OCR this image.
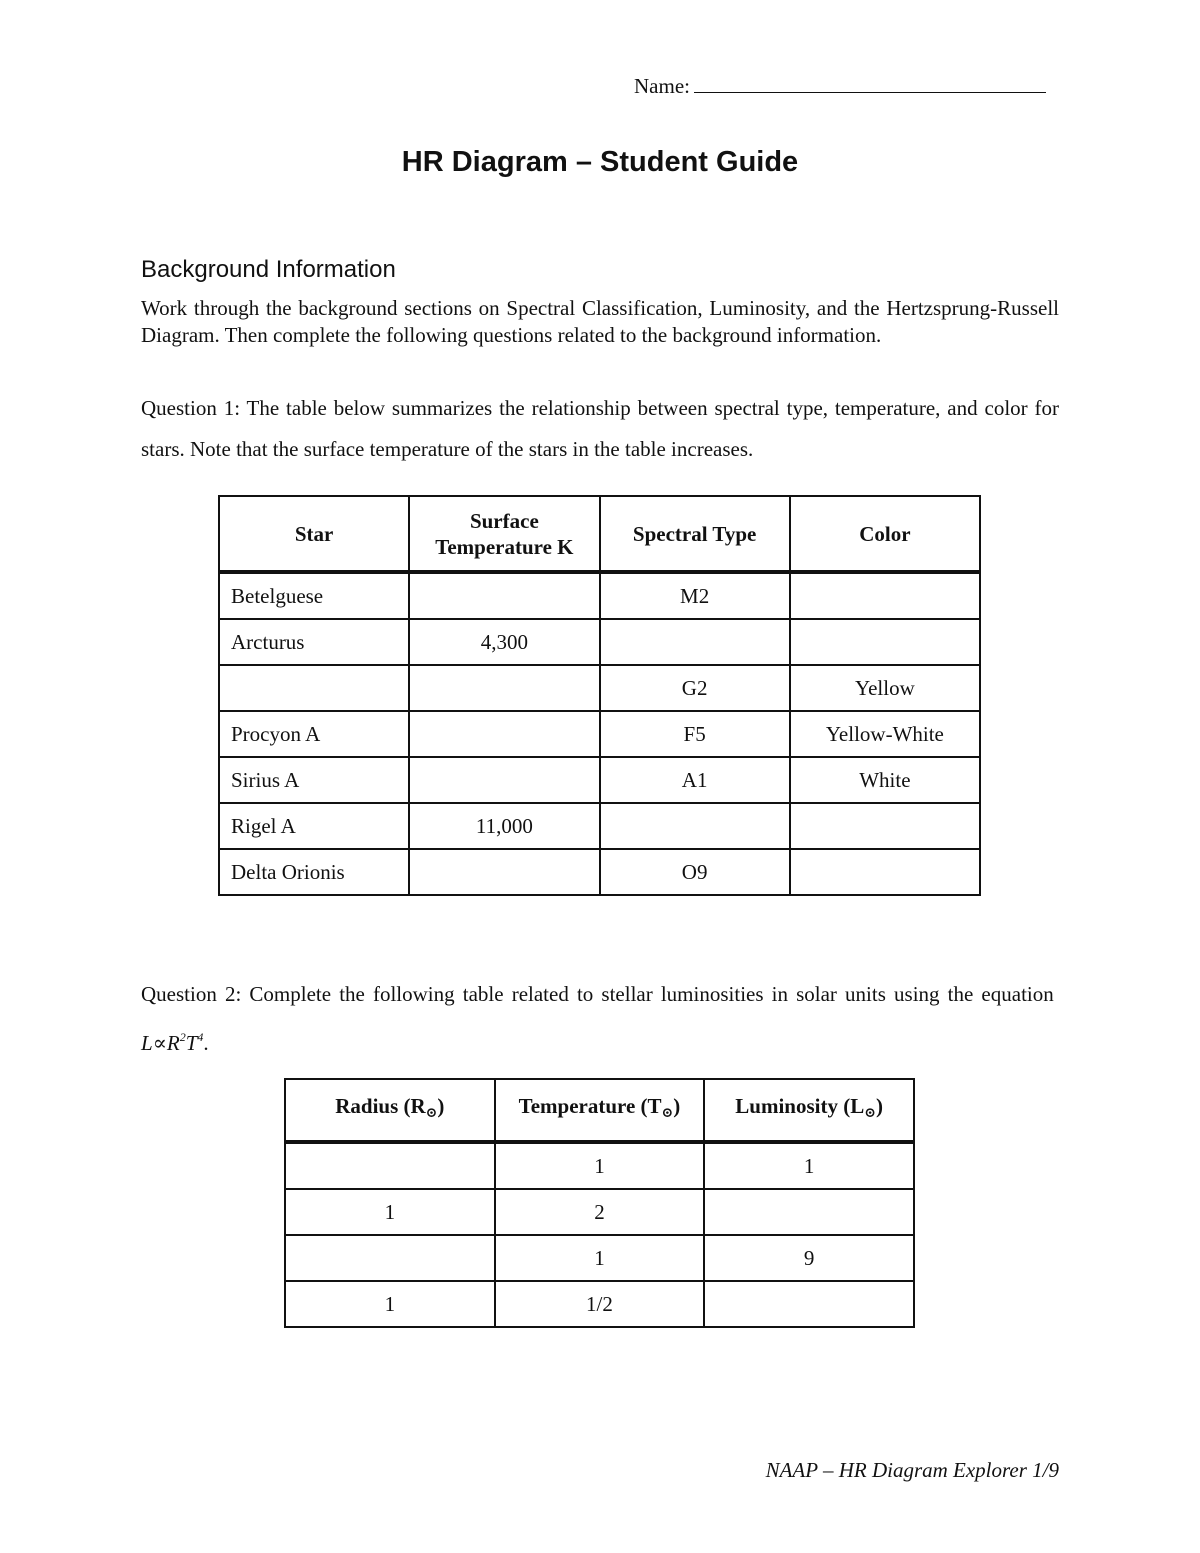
Name:
HR Diagram – Student Guide
Background Information
Work through the background sections on Spectral Classification, Luminosity, and the Hertzsprung-Russell Diagram. Then complete the following questions related to the background information.
Question 1: The table below summarizes the relationship between spectral type, temperature, and color for stars. Note that the surface temperature of the stars in the table increases.
Star	Surface Temperature K	Spectral Type	Color
Betelguese		M2	
Arcturus	4,300		
		G2	Yellow
Procyon A		F5	Yellow-White
Sirius A		A1	White
Rigel A	11,000		
Delta Orionis		O9	
Question 2: Complete the following table related to stellar luminosities in solar units using the equation  $L\propto R^2T^4$.
Radius (R⊙)	Temperature (T⊙)	Luminosity (L⊙)
	1	1
1	2	
	1	9
1	1/2	
NAAP – HR Diagram Explorer 1/9
